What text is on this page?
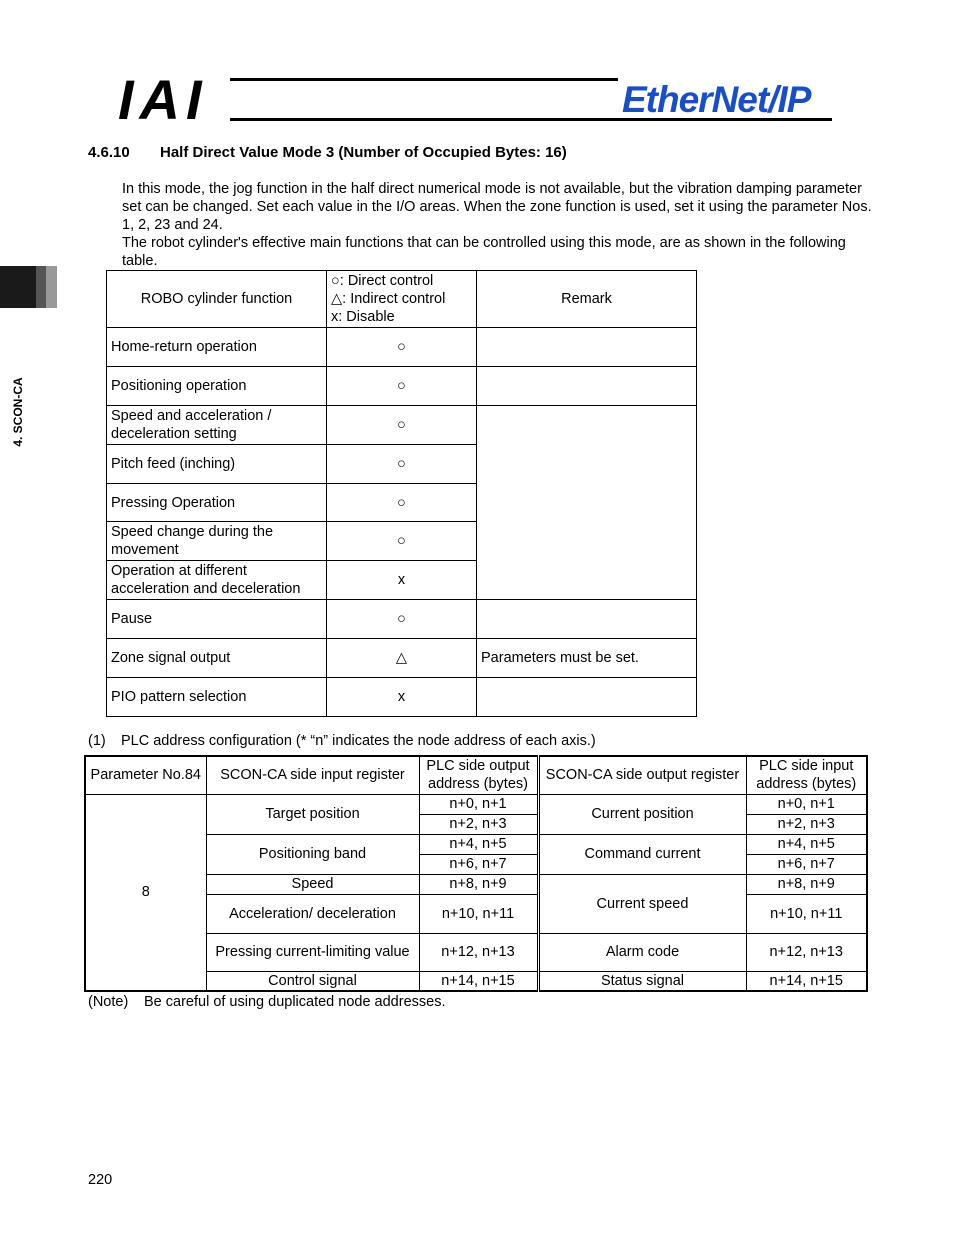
IAI	EtherNet/IP
4. SCON-CA
4.6.10 Half Direct Value Mode 3 (Number of Occupied Bytes: 16)
In this mode, the jog function in the half direct numerical mode is not available, but the vibration damping parameter set can be changed. Set each value in the I/O areas. When the zone function is used, set it using the parameter Nos. 1, 2, 23 and 24.
The robot cylinder's effective main functions that can be controlled using this mode, are as shown in the following table.
ROBO cylinder function	○: Direct control
△: Indirect control
x: Disable	Remark
Home-return operation	○	
Positioning operation	○	
Speed and acceleration / deceleration setting	○	
Pitch feed (inching)	○	
Pressing Operation	○	
Speed change during the movement	○	
Operation at different acceleration and deceleration	x	
Pause	○	
Zone signal output	△	Parameters must be set.
PIO pattern selection	x	
(1) PLC address configuration (* “n” indicates the node address of each axis.)
Parameter No.84	SCON-CA side input register	PLC side output address (bytes)	SCON-CA side output register	PLC side input address (bytes)
8	Target position	n+0, n+1	Current position	n+0, n+1
		n+2, n+3		n+2, n+3
	Positioning band	n+4, n+5	Command current	n+4, n+5
		n+6, n+7		n+6, n+7
	Speed	n+8, n+9	Current speed	n+8, n+9
	Acceleration/ deceleration	n+10, n+11		n+10, n+11
	Pressing current-limiting value	n+12, n+13	Alarm code	n+12, n+13
	Control signal	n+14, n+15	Status signal	n+14, n+15
(Note) Be careful of using duplicated node addresses.
220
